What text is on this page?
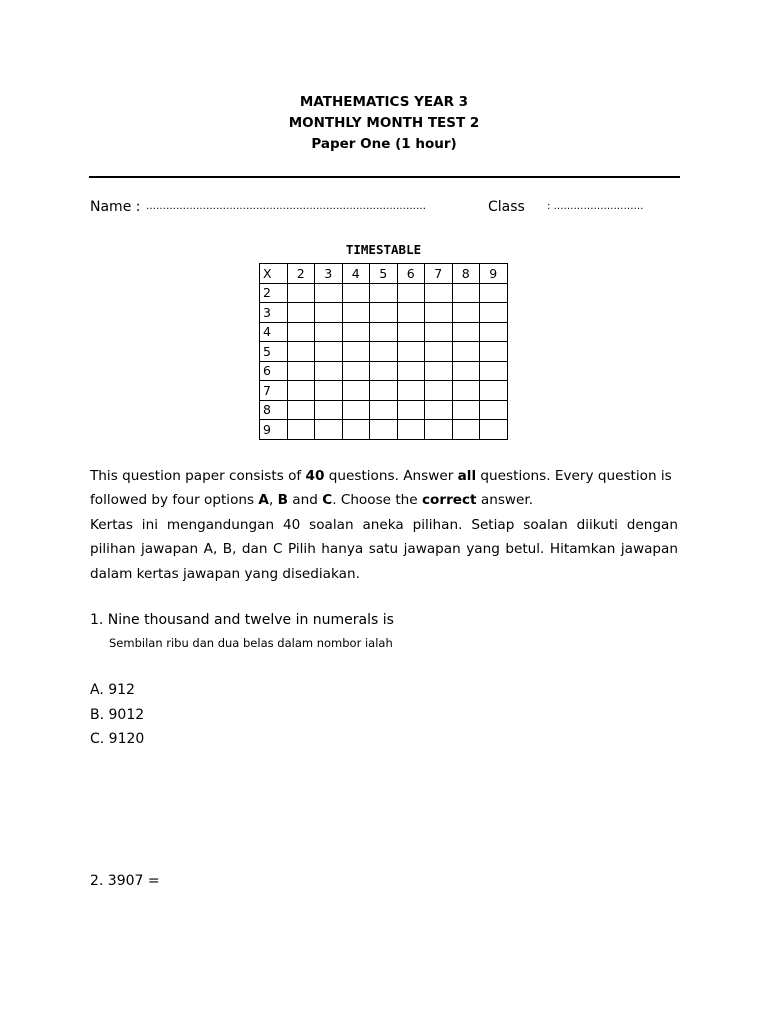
MATHEMATICS YEAR 3
MONTHLY MONTH TEST 2
Paper One (1 hour)
Name : …………………………………………………………………………	Class : ………………………
TIMESTABLE
X	2	3	4	5	6	7	8	9
2								
3								
4								
5								
6								
7								
8								
9								

This question paper consists of 40 questions. Answer all questions. Every question is followed by four options A, B and C. Choose the correct answer.

Kertas ini mengandungan 40 soalan aneka pilihan. Setiap soalan diikuti dengan pilihan jawapan A, B, dan C Pilih hanya satu jawapan yang betul. Hitamkan jawapan dalam kertas jawapan yang disediakan.

1. Nine thousand and twelve in numerals is
Sembilan ribu dan dua belas dalam nombor ialah
A. 912
B. 9012
C. 9120
2. 3907 =
